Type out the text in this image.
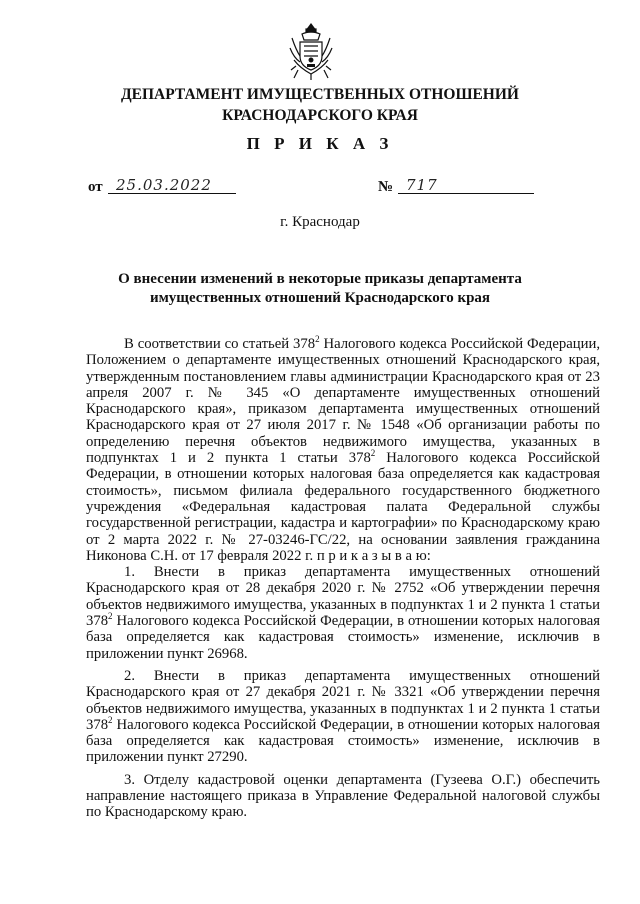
ДЕПАРТАМЕНТ ИМУЩЕСТВЕННЫХ ОТНОШЕНИЙ
КРАСНОДАРСКОГО КРАЯ
П Р И К А З
от 25.03.2022	№ 717
г. Краснодар
О внесении изменений в некоторые приказы департамента
имущественных отношений Краснодарского края

В соответствии со статьей $378^2$ Налогового кодекса Российской Федерации, Положением о департаменте имущественных отношений Краснодарского края, утвержденным постановлением главы администрации Краснодарского края от 23 апреля 2007 г. № 345 «О департаменте имущественных отношений Краснодарского края», приказом департамента имущественных отношений Краснодарского края от 27 июля 2017 г. № 1548 «Об организации работы по определению перечня объектов недвижимого имущества, указанных в подпунктах 1 и 2 пункта 1 статьи $378^2$ Налогового кодекса Российской Федерации, в отношении которых налоговая база определяется как кадастровая стоимость», письмом филиала федерального государственного бюджетного учреждения «Федеральная кадастровая палата Федеральной службы государственной регистрации, кадастра и картографии» по Краснодарскому краю от 2 марта 2022 г. № 27-03246-ГС/22, на основании заявления гражданина Никонова С.Н. от 17 февраля 2022 г. п р и к а з ы в а ю:

1. Внести в приказ департамента имущественных отношений Краснодарского края от 28 декабря 2020 г. № 2752 «Об утверждении перечня объектов недвижимого имущества, указанных в подпунктах 1 и 2 пункта 1 статьи $378^2$ Налогового кодекса Российской Федерации, в отношении которых налоговая база определяется как кадастровая стоимость» изменение, исключив в приложении пункт 26968.

2. Внести в приказ департамента имущественных отношений Краснодарского края от 27 декабря 2021 г. № 3321 «Об утверждении перечня объектов недвижимого имущества, указанных в подпунктах 1 и 2 пункта 1 статьи $378^2$ Налогового кодекса Российской Федерации, в отношении которых налоговая база определяется как кадастровая стоимость» изменение, исключив в приложении пункт 27290.

3. Отделу кадастровой оценки департамента (Гузеева О.Г.) обеспечить направление настоящего приказа в Управление Федеральной налоговой службы по Краснодарскому краю.
